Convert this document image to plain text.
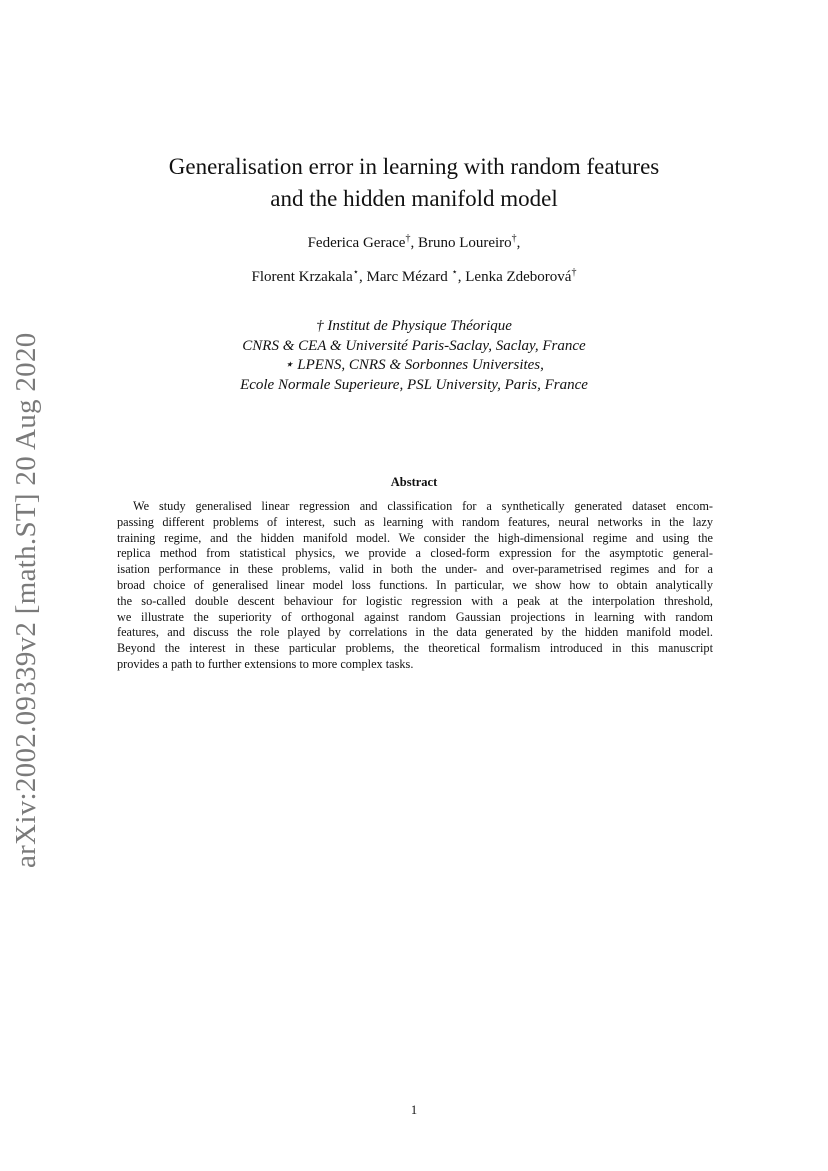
arXiv:2002.09339v2 [math.ST] 20 Aug 2020
Generalisation error in learning with random features
and the hidden manifold model
Federica Gerace†, Bruno Loureiro†,
Florent Krzakala⋆, Marc Mézard ⋆, Lenka Zdeborová†
† Institut de Physique Théorique
CNRS & CEA & Université Paris-Saclay, Saclay, France
⋆ LPENS, CNRS & Sorbonnes Universites,
Ecole Normale Superieure, PSL University, Paris, France
Abstract
We study generalised linear regression and classification for a synthetically generated dataset encom-
passing different problems of interest, such as learning with random features, neural networks in the lazy
training regime, and the hidden manifold model. We consider the high-dimensional regime and using the
replica method from statistical physics, we provide a closed-form expression for the asymptotic general-
isation performance in these problems, valid in both the under- and over-parametrised regimes and for a
broad choice of generalised linear model loss functions. In particular, we show how to obtain analytically
the so-called double descent behaviour for logistic regression with a peak at the interpolation threshold,
we illustrate the superiority of orthogonal against random Gaussian projections in learning with random
features, and discuss the role played by correlations in the data generated by the hidden manifold model.
Beyond the interest in these particular problems, the theoretical formalism introduced in this manuscript
provides a path to further extensions to more complex tasks.
1
